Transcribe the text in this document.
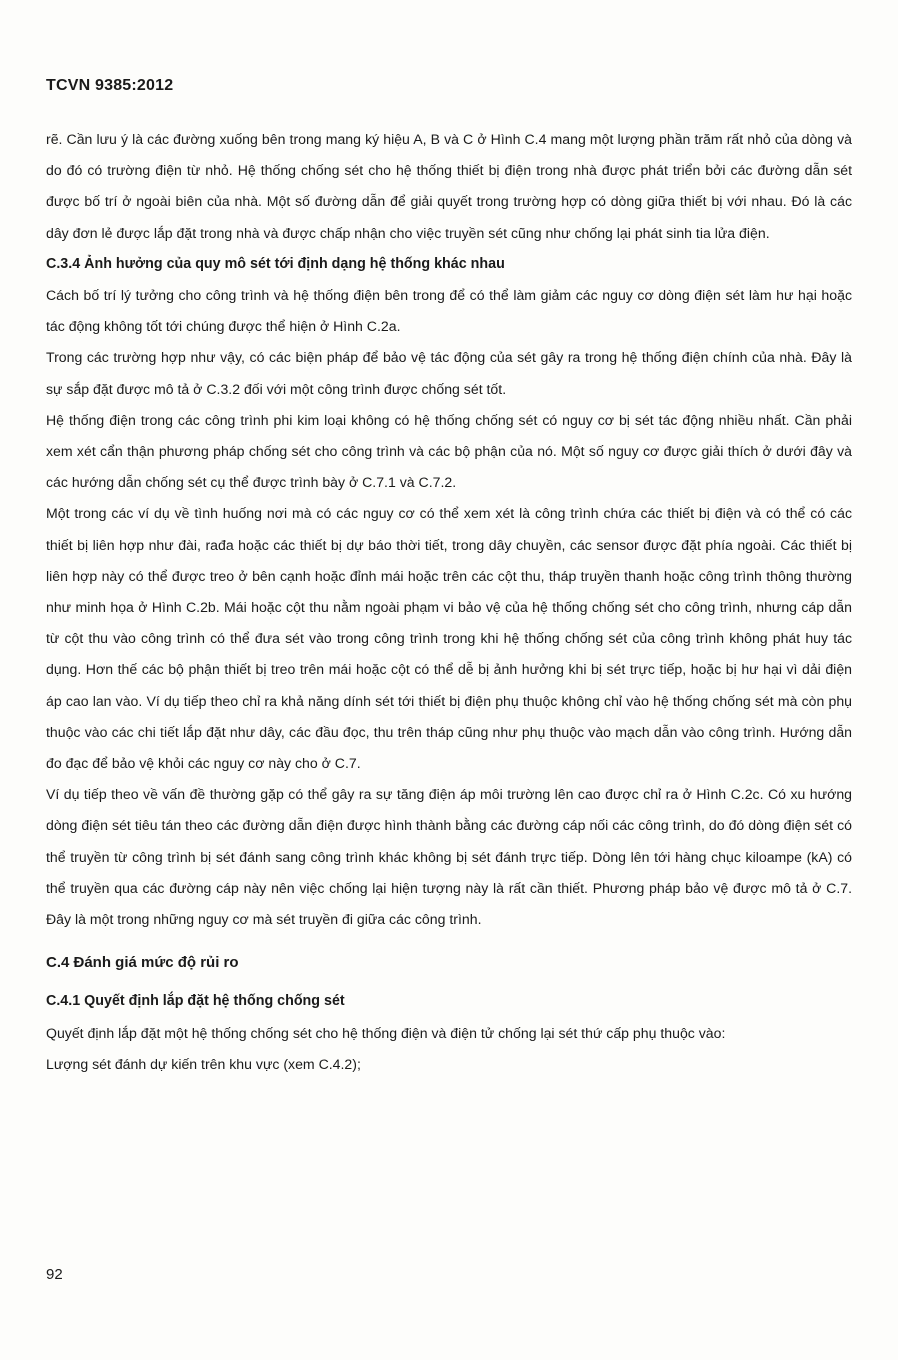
TCVN 9385:2012

rẽ. Cần lưu ý là các đường xuống bên trong mang ký hiệu A, B và C ở Hình C.4 mang một lượng phần trăm rất nhỏ của dòng và do đó có trường điện từ nhỏ. Hệ thống chống sét cho hệ thống thiết bị điện trong nhà được phát triển bởi các đường dẫn sét được bố trí ở ngoài biên của nhà. Một số đường dẫn để giải quyết trong trường hợp có dòng giữa thiết bị với nhau. Đó là các dây đơn lẻ được lắp đặt trong nhà và được chấp nhận cho việc truyền sét cũng như chống lại phát sinh tia lửa điện.

C.3.4 Ảnh hưởng của quy mô sét tới định dạng hệ thống khác nhau

Cách bố trí lý tưởng cho công trình và hệ thống điện bên trong để có thể làm giảm các nguy cơ dòng điện sét làm hư hại hoặc tác động không tốt tới chúng được thể hiện ở Hình C.2a.

Trong các trường hợp như vậy, có các biện pháp để bảo vệ tác động của sét gây ra trong hệ thống điện chính của nhà. Đây là sự sắp đặt được mô tả ở C.3.2 đối với một công trình được chống sét tốt.

Hệ thống điện trong các công trình phi kim loại không có hệ thống chống sét có nguy cơ bị sét tác động nhiều nhất. Cần phải xem xét cẩn thận phương pháp chống sét cho công trình và các bộ phận của nó. Một số nguy cơ được giải thích ở dưới đây và các hướng dẫn chống sét cụ thể được trình bày ở C.7.1 và C.7.2.

Một trong các ví dụ về tình huống nơi mà có các nguy cơ có thể xem xét là công trình chứa các thiết bị điện và có thể có các thiết bị liên hợp như đài, rađa hoặc các thiết bị dự báo thời tiết, trong dây chuyền, các sensor được đặt phía ngoài. Các thiết bị liên hợp này có thể được treo ở bên cạnh hoặc đỉnh mái hoặc trên các cột thu, tháp truyền thanh hoặc công trình thông thường như minh họa ở Hình C.2b. Mái hoặc cột thu nằm ngoài phạm vi bảo vệ của hệ thống chống sét cho công trình, nhưng cáp dẫn từ cột thu vào công trình có thể đưa sét vào trong công trình trong khi hệ thống chống sét của công trình không phát huy tác dụng. Hơn thế các bộ phận thiết bị treo trên mái hoặc cột có thể dễ bị ảnh hưởng khi bị sét trực tiếp, hoặc bị hư hại vì dải điện áp cao lan vào. Ví dụ tiếp theo chỉ ra khả năng dính sét tới thiết bị điện phụ thuộc không chỉ vào hệ thống chống sét mà còn phụ thuộc vào các chi tiết lắp đặt như dây, các đầu đọc, thu trên tháp cũng như phụ thuộc vào mạch dẫn vào công trình. Hướng dẫn đo đạc để bảo vệ khỏi các nguy cơ này cho ở C.7.

Ví dụ tiếp theo về vấn đề thường gặp có thể gây ra sự tăng điện áp môi trường lên cao được chỉ ra ở Hình C.2c. Có xu hướng dòng điện sét tiêu tán theo các đường dẫn điện được hình thành bằng các đường cáp nối các công trình, do đó dòng điện sét có thể truyền từ công trình bị sét đánh sang công trình khác không bị sét đánh trực tiếp. Dòng lên tới hàng chục kiloampe (kA) có thể truyền qua các đường cáp này nên việc chống lại hiện tượng này là rất cần thiết. Phương pháp bảo vệ được mô tả ở C.7. Đây là một trong những nguy cơ mà sét truyền đi giữa các công trình.

C.4 Đánh giá mức độ rủi ro

C.4.1 Quyết định lắp đặt hệ thống chống sét

Quyết định lắp đặt một hệ thống chống sét cho hệ thống điện và điện tử chống lại sét thứ cấp phụ thuộc vào:

Lượng sét đánh dự kiến trên khu vực (xem C.4.2);

92
